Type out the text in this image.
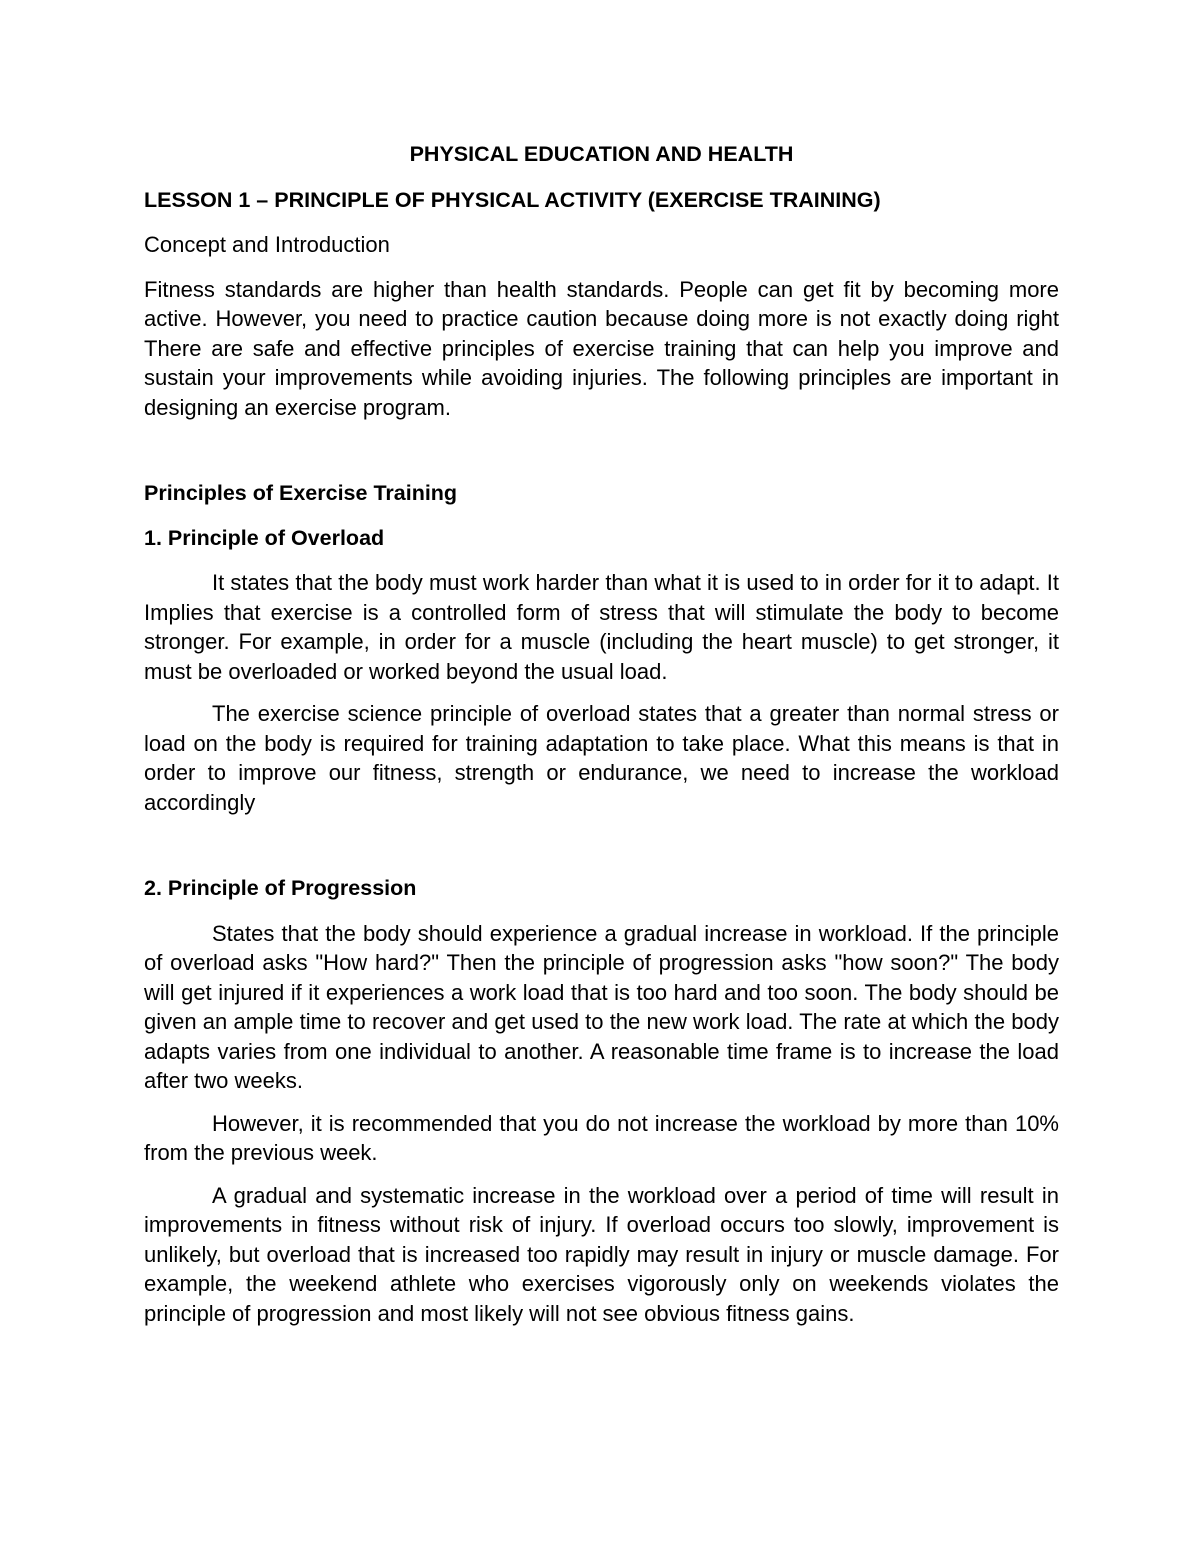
PHYSICAL EDUCATION AND HEALTH
LESSON 1 – PRINCIPLE OF PHYSICAL ACTIVITY (EXERCISE TRAINING)
Concept and Introduction

Fitness standards are higher than health standards. People can get fit by becoming more active. However, you need to practice caution because doing more is not exactly doing right There are safe and effective principles of exercise training that can help you improve and sustain your improvements while avoiding injuries. The following principles are important in designing an exercise program.

Principles of Exercise Training
1. Principle of Overload

It states that the body must work harder than what it is used to in order for it to adapt. It Implies that exercise is a controlled form of stress that will stimulate the body to become stronger. For example, in order for a muscle (including the heart muscle) to get stronger, it must be overloaded or worked beyond the usual load.

The exercise science principle of overload states that a greater than normal stress or load on the body is required for training adaptation to take place. What this means is that in order to improve our fitness, strength or endurance, we need to increase the workload accordingly

2. Principle of Progression

States that the body should experience a gradual increase in workload. If the principle of overload asks "How hard?" Then the principle of progression asks "how soon?" The body will get injured if it experiences a work load that is too hard and too soon. The body should be given an ample time to recover and get used to the new work load. The rate at which the body adapts varies from one individual to another. A reasonable time frame is to increase the load after two weeks.

However, it is recommended that you do not increase the workload by more than 10% from the previous week.

A gradual and systematic increase in the workload over a period of time will result in improvements in fitness without risk of injury. If overload occurs too slowly, improvement is unlikely, but overload that is increased too rapidly may result in injury or muscle damage. For example, the weekend athlete who exercises vigorously only on weekends violates the principle of progression and most likely will not see obvious fitness gains.
